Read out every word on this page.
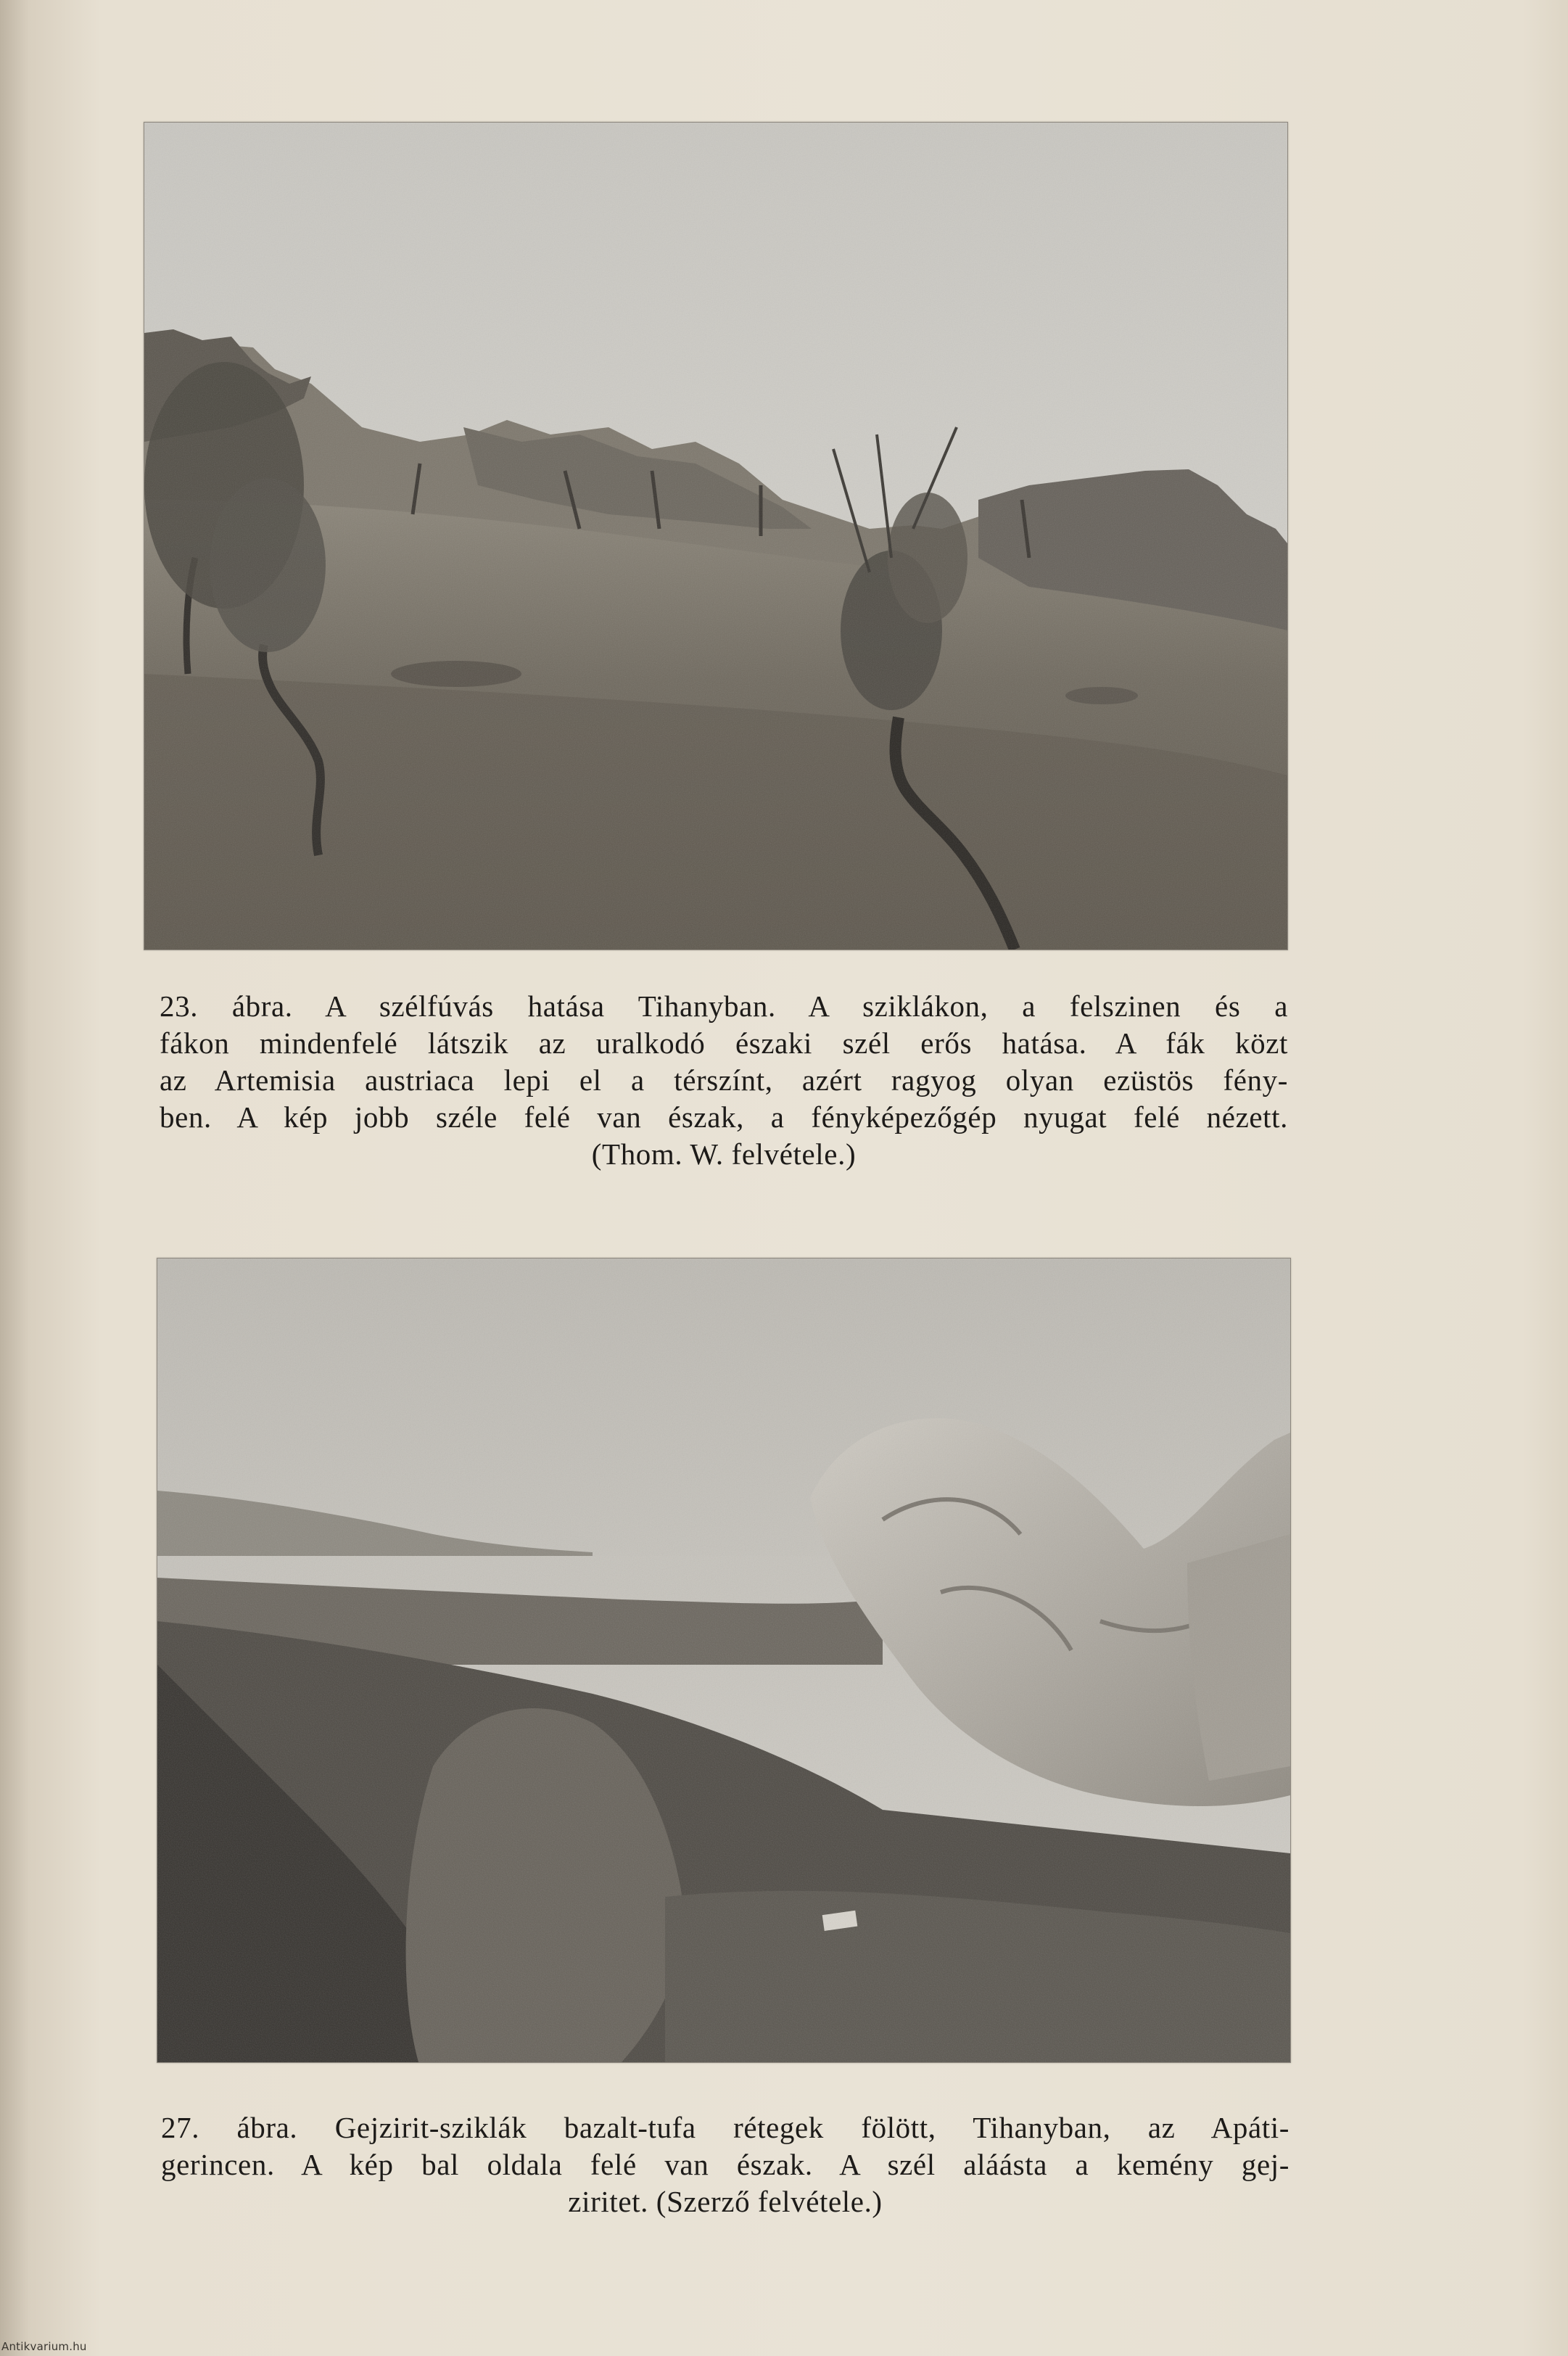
23. ábra. A szélfúvás hatása Tihanyban. A sziklákon, a felszinen és a
fákon mindenfelé látszik az uralkodó északi szél erős hatása. A fák közt
az Artemisia austriaca lepi el a térszínt, azért ragyog olyan ezüstös fény-
ben. A kép jobb széle felé van észak, a fényképezőgép nyugat felé nézett.
(Thom. W. felvétele.)
27. ábra. Gejzirit-sziklák bazalt-tufa rétegek fölött, Tihanyban, az Apáti-
gerincen. A kép bal oldala felé van észak. A szél aláásta a kemény gej-
ziritet. (Szerző felvétele.)
Antikvarium.hu
